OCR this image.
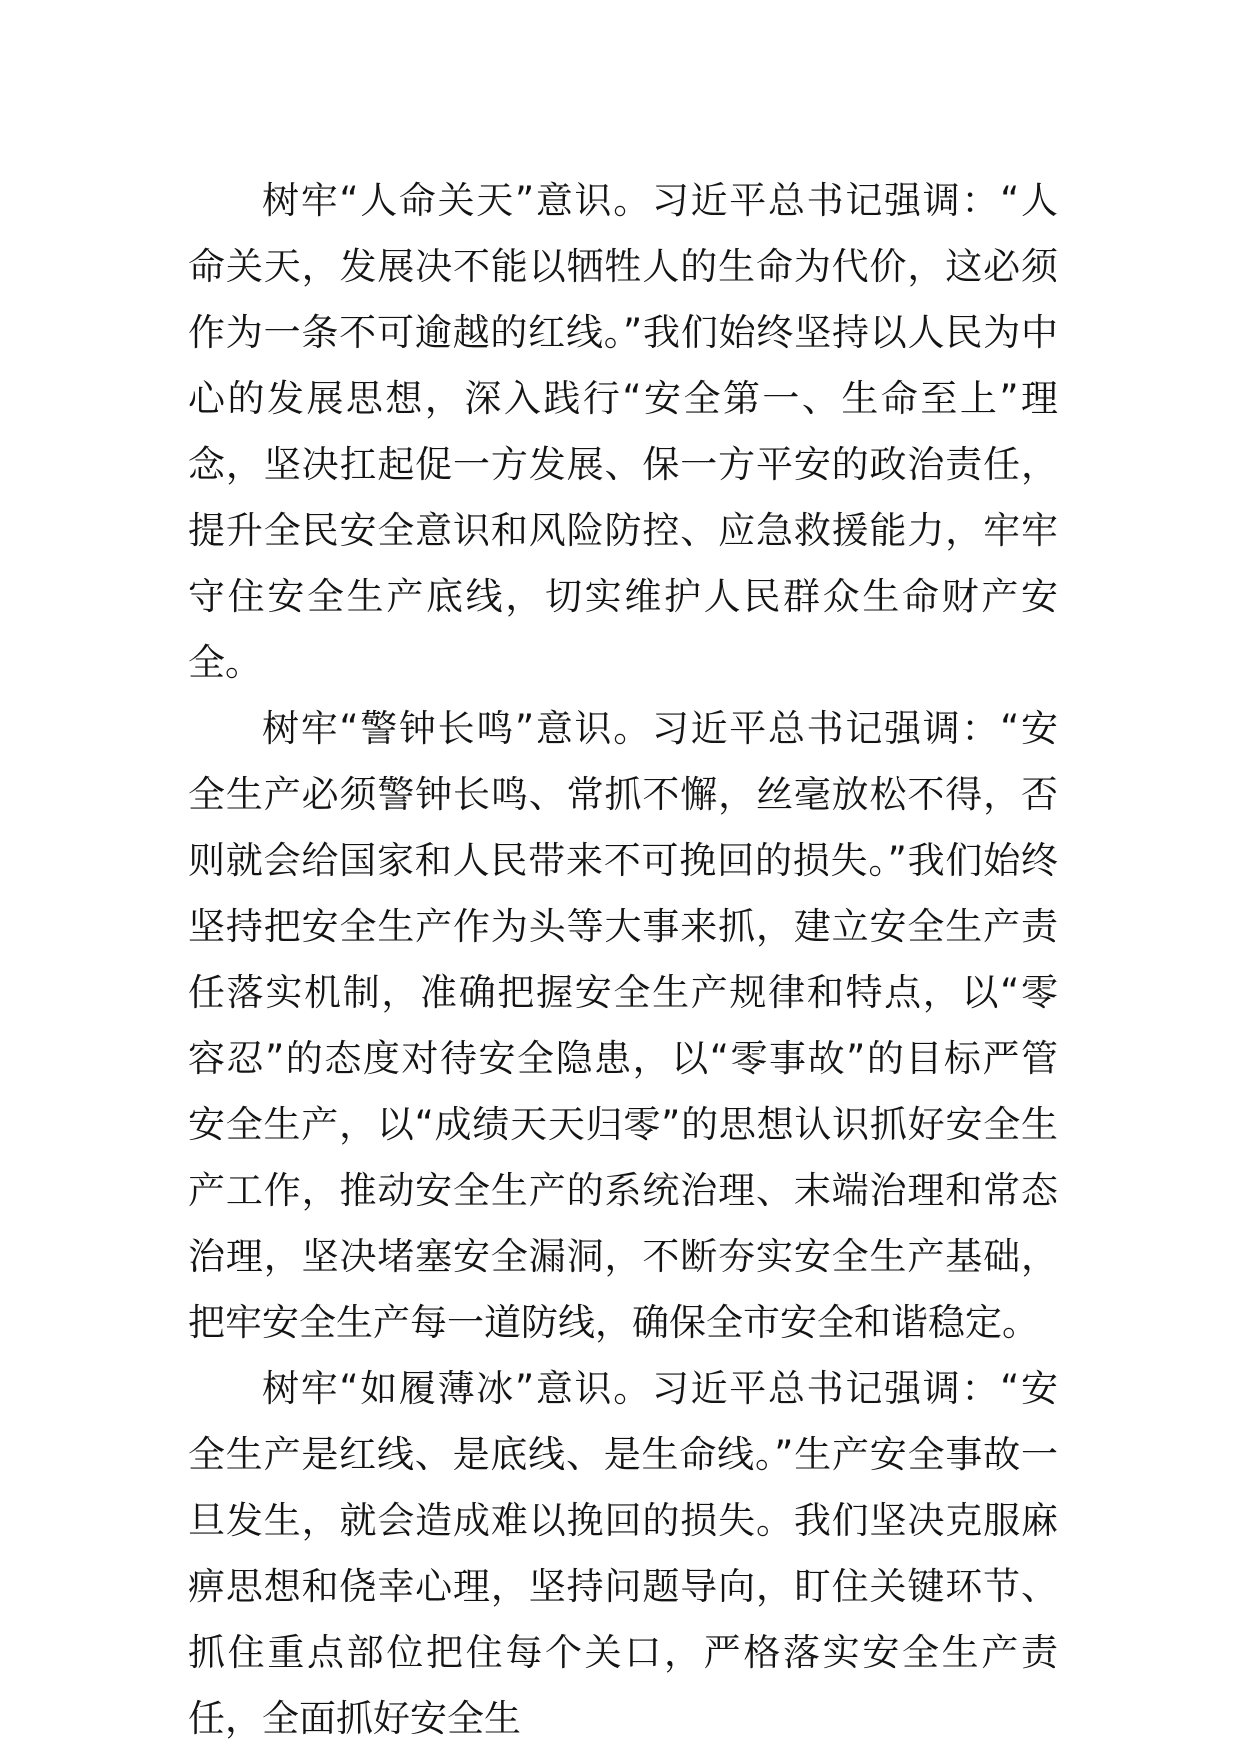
树牢“人命关天”意识。习近平总书记强调：“人命关天，发展决不能以牺牲人的生命为代价，这必须作为一条不可逾越的红线。”我们始终坚持以人民为中心的发展思想，深入践行“安全第一、生命至上”理念，坚决扛起促一方发展、保一方平安的政治责任，提升全民安全意识和风险防控、应急救援能力，牢牢守住安全生产底线，切实维护人民群众生命财产安全。

树牢“警钟长鸣”意识。习近平总书记强调：“安全生产必须警钟长鸣、常抓不懈，丝毫放松不得，否则就会给国家和人民带来不可挽回的损失。”我们始终坚持把安全生产作为头等大事来抓，建立安全生产责任落实机制，准确把握安全生产规律和特点，以“零容忍”的态度对待安全隐患，以“零事故”的目标严管安全生产，以“成绩天天归零”的思想认识抓好安全生产工作，推动安全生产的系统治理、末端治理和常态治理，坚决堵塞安全漏洞，不断夯实安全生产基础，把牢安全生产每一道防线，确保全市安全和谐稳定。

树牢“如履薄冰”意识。习近平总书记强调：“安全生产是红线、是底线、是生命线。”生产安全事故一旦发生，就会造成难以挽回的损失。我们坚决克服麻痹思想和侥幸心理，坚持问题导向，盯住关键环节、抓住重点部位把住每个关口，严格落实安全生产责任，全面抓好安全生
